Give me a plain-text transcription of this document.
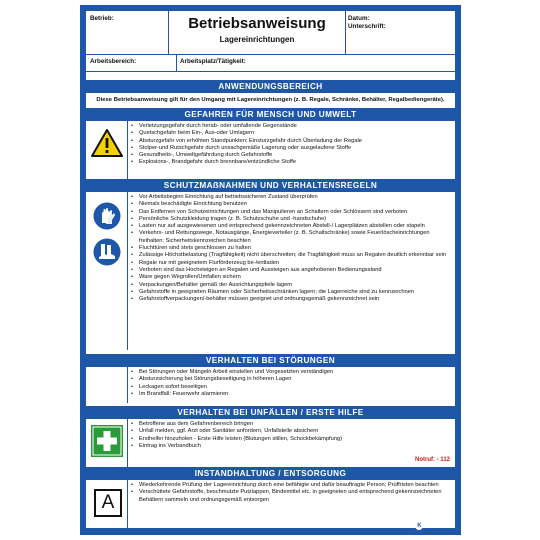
Betrieb:	Betriebsanweisung
Lagereinrichtungen
Datum:
Unterschrift:
Arbeitsbereich:	Arbeitsplatz/Tätigkeit:
ANWENDUNGSBEREICH
Diese Betriebsanweisung gilt für den Umgang mit Lagereinrichtungen (z. B. Regale, Schränke, Behälter, Regalbediengeräte).
GEFAHREN FÜR MENSCH UND UMWELT
• Verletzungsgefahr durch herab- oder umfallende Gegenstände
• Quetschgefahr beim Ein-, Aus-oder Umlagern
• Absturzgefahr von erhöhten Standpunkten; Einsturzgefahr durch Überladung der Regale
• Stolper-und Rutschgefahr durch unsachgemäße Lagerung oder ausgelaufene Stoffe
• Gesundheits-, Umweltgefährdung durch Gefahrstoffe
• Explosions-, Brandgefahr durch brennbare/entzündliche Stoffe
SCHUTZMAẞNAHMEN UND VERHALTENSREGELN
• Vor Arbeitsbeginn Einrichtung auf betriebssicheren Zustand überprüfen
• Niemals beschädigte Einrichtung benutzen
• Das Entfernen von Schutzeinrichtungen und das Manipulieren an Schaltern oder Schlössern sind verboten
• Persönliche Schutzkleidung tragen (z. B. Schutzschuhe und -handschuhe)
• Lasten nur auf ausgewiesenen und entsprechend gekennzeichneten Abstell-/ Lagerplätzen abstellen oder stapeln
• Verkehrs- und Rettungswege, Notausgänge, Energieverteiler (z. B. Schaltschränke) sowie Feuerlöscheinrichtungen freihalten; Sicherheitskennzeichen beachten
• Fluchttüren sind stets geschlossen zu halten
• Zulässige Höchstbelastung (Tragfähigkeit) nicht überschreiten; die Tragfähigkeit muss an Regalen deutlich erkennbar sein
• Regale nur mit geeignetem Flurförderzeug be-/entladen
• Verboten sind das Hochsteigen an Regalen und Aussteigen aus angehobenen Bedienungsstand
• Ware gegen Wegrollen/Umfallen sichern
• Verpackungen/Behälter gemäß der Ausrichtungspfeile lagern
• Gefahrstoffe in geeigneten Räumen oder Sicherheitsschränken lagern; die Lagerreiche sind zu kennzeichnen
• Gefahrstoffverpackungen/-behälter müssen geeignet und ordnungsgemäß gekennzeichnet sein
VERHALTEN BEI STÖRUNGEN
• Bei Störungen oder Mängeln Arbeit einstellen und Vorgesetzten verständigen
• Absturzsicherung bei Störungsbeseitigung in höheren Lagen
• Leckagen sofort beseitigen
• Im Brandfall: Feuerwehr alarmieren
VERHALTEN BEI UNFÄLLEN / ERSTE HILFE
• Betroffene aus dem Gefahrenbereich bringen
• Unfall melden, ggf. Arzt oder Sanitäter anfordern, Unfallstelle absichern
• Ersthelfer hinzuholen - Erste Hilfe leisten (Blutungen stillen, Schockbekämpfung)
• Eintrag ins Verbandbuch
Notruf: - 112
INSTANDHALTUNG / ENTSORGUNG
A
• Wiederkehrende Prüfung der Lagereinrichtung durch eine befähigte und dafür beauftragte Person; Prüffristen beachten
• Verschüttete Gefahrstoffe, beschmutzte Putzlappen, Bindemittel etc. in geeigneten und entsprechend gekennzeichneten Behältern sammeln und ordnungsgemäß entsorgen
K Kroschke
